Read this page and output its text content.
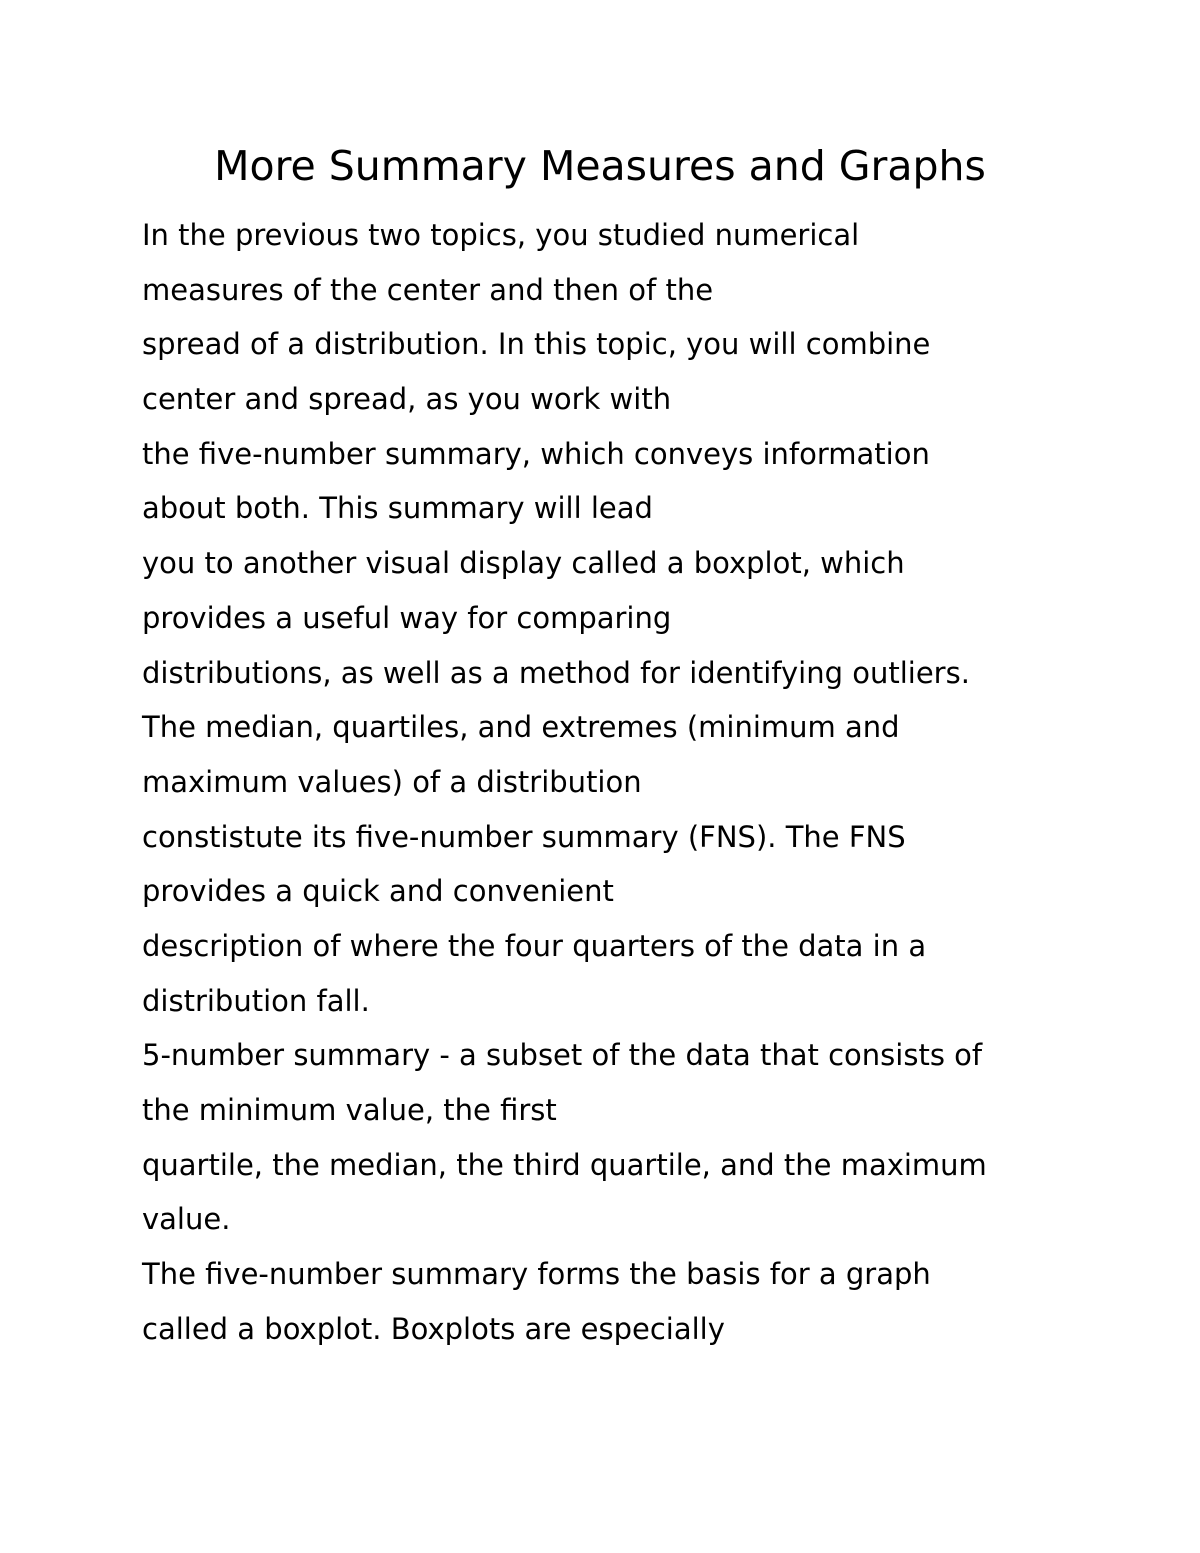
More Summary Measures and Graphs
In the previous two topics, you studied numerical
measures of the center and then of the
spread of a distribution. In this topic, you will combine
center and spread, as you work with
the five-number summary, which conveys information
about both. This summary will lead
you to another visual display called a boxplot, which
provides a useful way for comparing
distributions, as well as a method for identifying outliers.
The median, quartiles, and extremes (minimum and
maximum values) of a distribution
constistute its five-number summary (FNS). The FNS
provides a quick and convenient
description of where the four quarters of the data in a
distribution fall.
5-number summary - a subset of the data that consists of
the minimum value, the first
quartile, the median, the third quartile, and the maximum
value.
The five-number summary forms the basis for a graph
called a boxplot. Boxplots are especially
